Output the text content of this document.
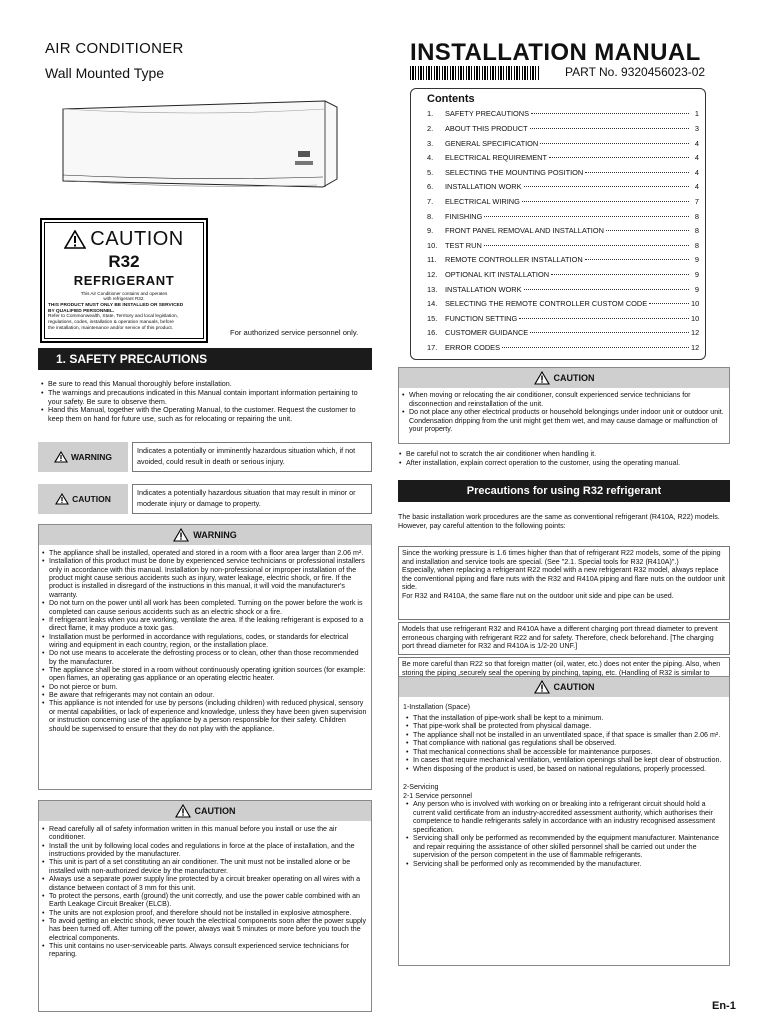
AIR CONDITIONER
Wall Mounted Type
INSTALLATION MANUAL
PART No. 9320456023-02
CAUTION
R32
REFRIGERANT
This Air Conditioner contains and operates
with refrigerant R32.
THIS PRODUCT MUST ONLY BE INSTALLED OR SERVICED
BY QUALIFIED PERSONNEL.
Refer to Commonwealth, State, Territory and local legislation,
regulations, codes, installation & operation manuals, before
the installation, maintenance and/or service of this product.	For authorized service personnel only.
Contents
1.	SAFETY PRECAUTIONS	1
2.	ABOUT THIS PRODUCT	3
3.	GENERAL SPECIFICATION	4
4.	ELECTRICAL REQUIREMENT	4
5.	SELECTING THE MOUNTING POSITION	4
6.	INSTALLATION WORK	4
7.	ELECTRICAL WIRING	7
8.	FINISHING	8
9.	FRONT PANEL REMOVAL AND INSTALLATION	8
10.	TEST RUN	8
11.	REMOTE CONTROLLER INSTALLATION	9
12.	OPTIONAL KIT INSTALLATION	9
13.	INSTALLATION WORK	9
14.	SELECTING THE REMOTE CONTROLLER CUSTOM CODE	10
15.	FUNCTION SETTING	10
16.	CUSTOMER GUIDANCE	12
17.	ERROR CODES	12
1. SAFETY PRECAUTIONS
• Be sure to read this Manual thoroughly before installation.
• The warnings and precautions indicated in this Manual contain important information pertaining to your safety. Be sure to observe them.
• Hand this Manual, together with the Operating Manual, to the customer. Request the customer to keep them on hand for future use, such as for relocating or repairing the unit.
WARNING
Indicates a potentially or imminently hazardous situation which, if not avoided, could result in death or serious injury.
CAUTION
Indicates a potentially hazardous situation that may result in minor or moderate injury or damage to property.
WARNING
• The appliance shall be installed, operated and stored in a room with a floor area larger than 2.06 m².
• Installation of this product must be done by experienced service technicians or professional installers only in accordance with this manual. Installation by non-professional or improper installation of the product might cause serious accidents such as injury, water leakage, electric shock, or fire. If the product is installed in disregard of the instructions in this manual, it will void the manufacturer's warranty.
• Do not turn on the power until all work has been completed. Turning on the power before the work is completed can cause serious accidents such as an electric shock or a fire.
• If refrigerant leaks when you are working, ventilate the area. If the leaking refrigerant is exposed to a direct flame, it may produce a toxic gas.
• Installation must be performed in accordance with regulations, codes, or standards for electrical wiring and equipment in each country, region, or the installation place.
• Do not use means to accelerate the defrosting process or to clean, other than those recommended by the manufacturer.
• The appliance shall be stored in a room without continuously operating ignition sources (for example: open flames, an operating gas appliance or an operating electric heater.
• Do not pierce or burn.
• Be aware that refrigerants may not contain an odour.
• This appliance is not intended for use by persons (including children) with reduced physical, sensory or mental capabilities, or lack of experience and knowledge, unless they have been given supervision or instruction concerning use of the appliance by a person responsible for their safety. Children should be supervised to ensure that they do not play with the appliance.
CAUTION
• Read carefully all of safety information written in this manual before you install or use the air conditioner.
• Install the unit by following local codes and regulations in force at the place of installation, and the instructions provided by the manufacturer.
• This unit is part of a set constituting an air conditioner. The unit must not be installed alone or be installed with non-authorized device by the manufacturer.
• Always use a separate power supply line protected by a circuit breaker operating on all wires with a distance between contact of 3 mm for this unit.
• To protect the persons, earth (ground) the unit correctly, and use the power cable combined with an Earth Leakage Circuit Breaker (ELCB).
• The units are not explosion proof, and therefore should not be installed in explosive atmosphere.
• To avoid getting an electric shock, never touch the electrical components soon after the power supply has been turned off. After turning off the power, always wait 5 minutes or more before you touch the electrical components.
• This unit contains no user-serviceable parts. Always consult experienced service technicians for reparing.
CAUTION
• When moving or relocating the air conditioner, consult experienced service technicians for disconnection and reinstallation of the unit.
• Do not place any other electrical products or household belongings under indoor unit or outdoor unit. Condensation dripping from the unit might get them wet, and may cause damage or malfunction of your property.
• Be careful not to scratch the air conditioner when handling it.
• After installation, explain correct operation to the customer, using the operating manual.
Precautions for using R32 refrigerant
The basic installation work procedures are the same as conventional refrigerant (R410A, R22) models.
However, pay careful attention to the following points:
Since the working pressure is 1.6 times higher than that of refrigerant R22 models, some of the piping and installation and service tools are special. (See "2.1. Special tools for R32 (R410A)".)
Especially, when replacing a refrigerant R22 model with a new refrigerant R32 model, always replace the conventional piping and flare nuts with the R32 and R410A piping and flare nuts on the outdoor unit side.
For R32 and R410A, the same flare nut on the outdoor unit side and pipe can be used.
Models that use refrigerant R32 and R410A have a different charging port thread diameter to prevent erroneous charging with refrigerant R22 and for safety. Therefore, check beforehand. [The charging port thread diameter for R32 and R410A is 1/2-20 UNF.]
Be more careful than R22 so that foreign matter (oil, water, etc.) does not enter the piping. Also, when storing the piping ,securely seal the opening by pinching, taping, etc. (Handling of R32 is similar to
CAUTION
1-Installation (Space)
• That the installation of pipe-work shall be kept to a minimum.
• That pipe-work shall be protected from physical damage.
• The appliance shall not be installed in an unventilated space, if that space is smaller than 2.06 m².
• That compliance with national gas regulations shall be observed.
• That mechanical connections shall be accessible for maintenance purposes.
• In cases that require mechanical ventilation, ventilation openings shall be kept clear of obstruction.
• When disposing of the product is used, be based on national regulations, properly processed.
2-Servicing
2-1 Service personnel
• Any person who is involved with working on or breaking into a refrigerant circuit should hold a current valid certificate from an industry-accredited assessment authority, which authorises their competence to handle refrigerants safely in accordance with an industry recognised assessment specification.
• Servicing shall only be performed as recommended by the equipment manufacturer. Maintenance and repair requiring the assistance of other skilled personnel shall be carried out under the supervision of the person competent in the use of flammable refrigerants.
• Servicing shall be performed only as recommended by the manufacturer.
En-1
